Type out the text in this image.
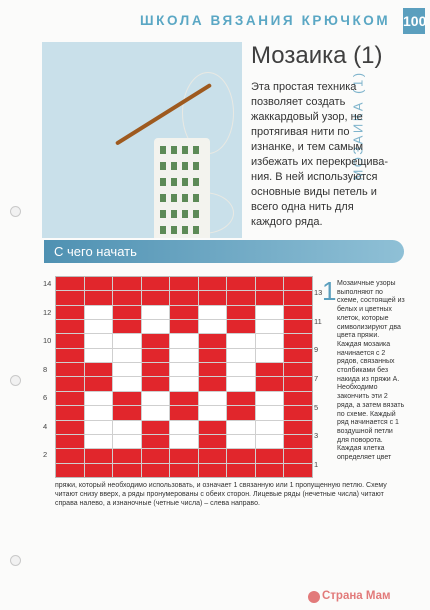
ШКОЛА ВЯЗАНИЯ КРЮЧКОМ 100
МОЗАИКА (1)
Мозаика (1)
Эта простая техника позволяет создать жаккардовый узор, не протягивая нити по изнанке, и тем самым избежать их перекрещива-ния. В ней используются основные виды петель и всего одна нить для каждого ряда.
С чего начать
1 Мозаичные узоры выполняют по схеме, состоящей из белых и цветных клеток, которые символизируют два цвета пряжи. Каждая мозаика начинается с 2 рядов, связанных столбиками без накида из пряжи А. Необходимо закончить эти 2 ряда, а затем вязать по схеме. Каждый ряд начинается с 1 воздушной петли для поворота. Каждая клетка определяет цвет
пряжи, который необходимо использовать, и означает 1 связанную или 1 пропущенную петлю. Схему читают снизу вверх, а ряды пронумерованы с обеих сторон. Лицевые ряды (нечетные числа) читают справа налево, а изнаночные (четные числа) – слева направо.
Страна Мам
14
12
10
8
6
4
2
13
11
9
7
5
3
1
